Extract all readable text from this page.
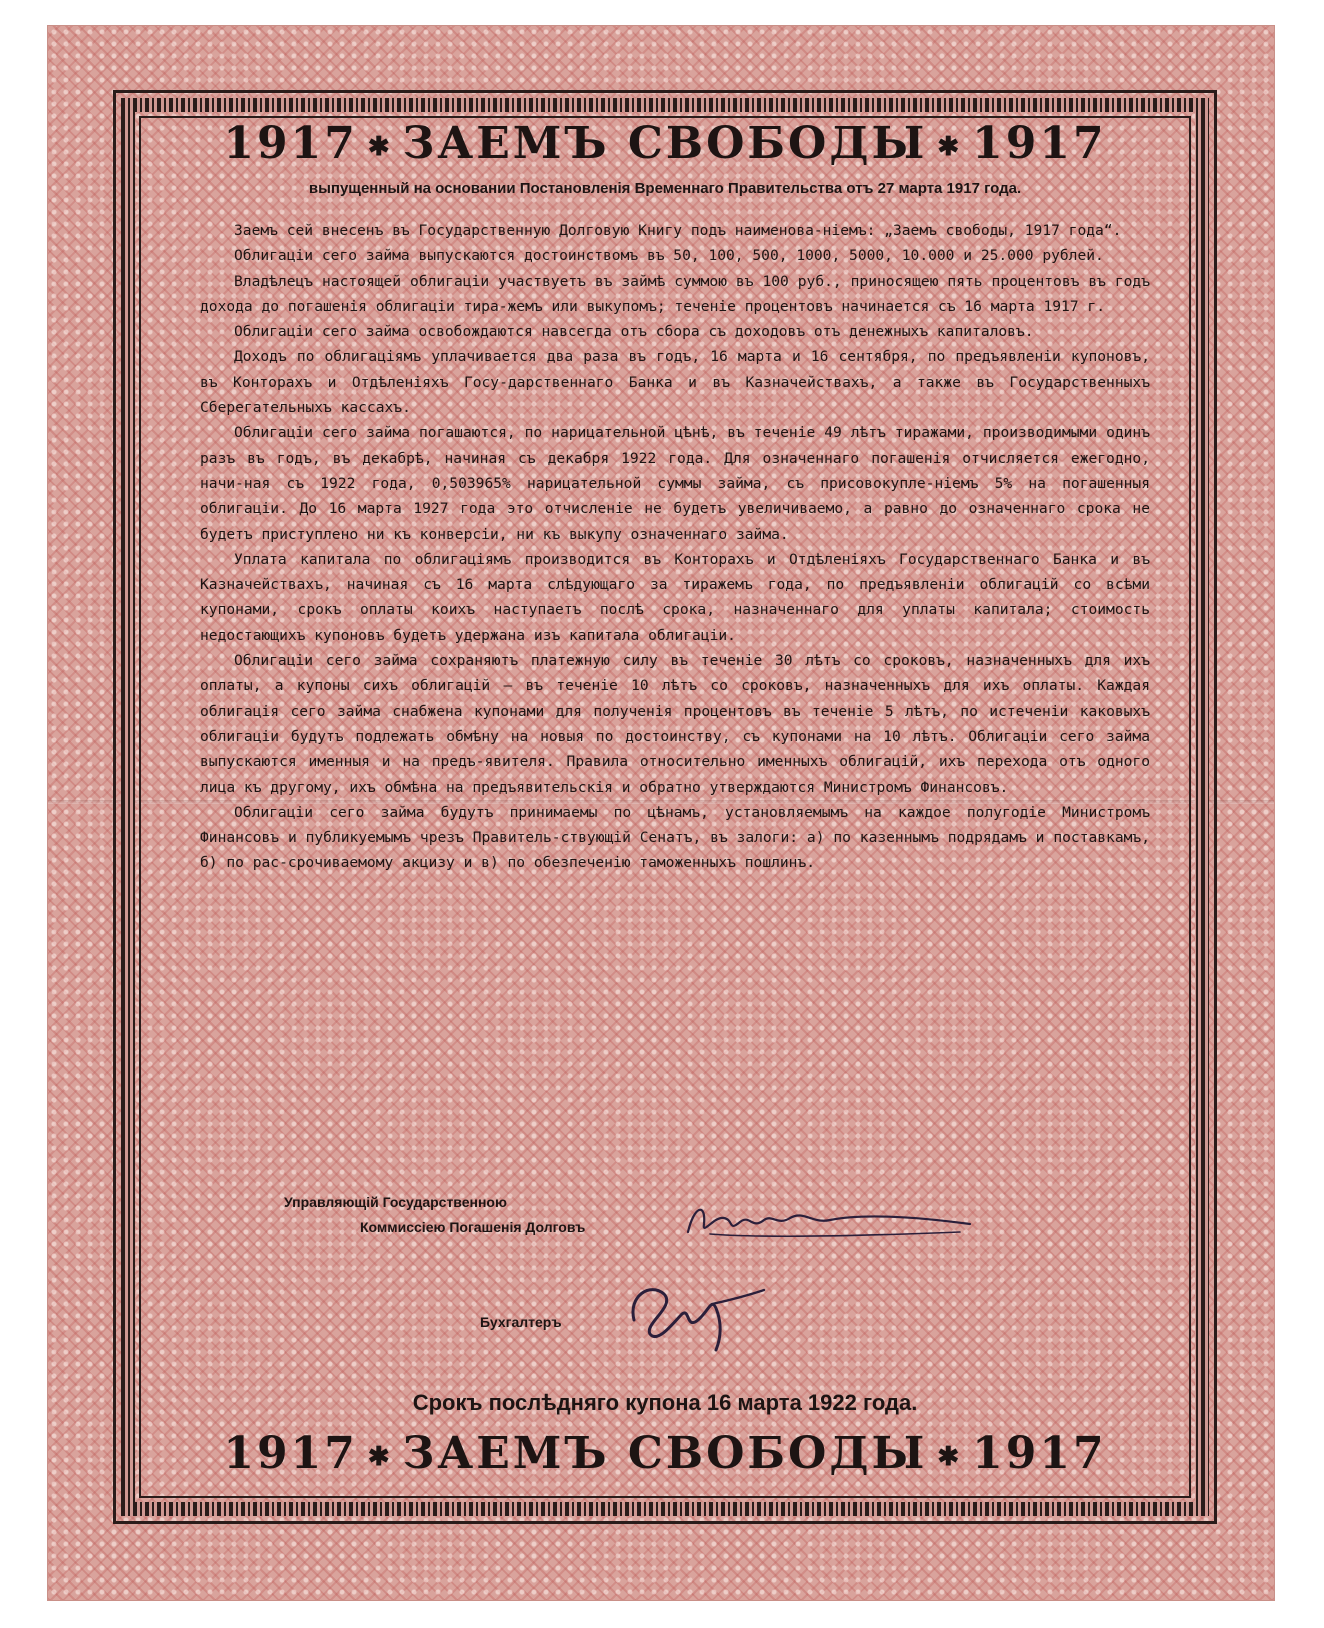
1917 ✱ ЗАЕМЪ СВОБОДЫ ✱ 1917
выпущенный на основании Постановленія Временнаго Правительства отъ 27 марта 1917 года.

Заемъ сей внесенъ въ Государственную Долговую Книгу подъ наименова-ніемъ: „Заемъ свободы, 1917 года“.

Облигаціи сего займа выпускаются достоинствомъ въ 50, 100, 500, 1000, 5000, 10.000 и 25.000 рублей.

Владѣлецъ настоящей облигаціи участвуетъ въ займѣ суммою въ 100 руб., приносящею пять процентовъ въ годъ дохода до погашенія облигаціи тира-жемъ или выкупомъ; теченіе процентовъ начинается съ 16 марта 1917 г.

Облигаціи сего займа освобождаются навсегда отъ сбора съ доходовъ отъ денежныхъ капиталовъ.

Доходъ по облигаціямъ уплачивается два раза въ годъ, 16 марта и 16 сентября, по предъявленіи купоновъ, въ Конторахъ и Отдѣленіяхъ Госу-дарственнаго Банка и въ Казначействахъ, а также въ Государственныхъ Сберегательныхъ кассахъ.

Облигаціи сего займа погашаются, по нарицательной цѣнѣ, въ теченіе 49 лѣтъ тиражами, производимыми одинъ разъ въ годъ, въ декабрѣ, начиная съ декабря 1922 года. Для означеннаго погашенія отчисляется ежегодно, начи-ная съ 1922 года, 0,503965% нарицательной суммы займа, съ присовокупле-ніемъ 5% на погашенныя облигаціи. До 16 марта 1927 года это отчисленіе не будетъ увеличиваемо, а равно до означеннаго срока не будетъ приступлено ни къ конверсіи, ни къ выкупу означеннаго займа.

Уплата капитала по облигаціямъ производится въ Конторахъ и Отдѣленіяхъ Государственнаго Банка и въ Казначействахъ, начиная съ 16 марта слѣдующаго за тиражемъ года, по предъявленіи облигацій со всѣми купонами, срокъ оплаты коихъ наступаетъ послѣ срока, назначеннаго для уплаты капитала; стоимость недостающихъ купоновъ будетъ удержана изъ капитала облигаціи.

Облигаціи сего займа сохраняютъ платежную силу въ теченіе 30 лѣтъ со сроковъ, назначенныхъ для ихъ оплаты, а купоны сихъ облигацій — въ теченіе 10 лѣтъ со сроковъ, назначенныхъ для ихъ оплаты. Каждая облигація сего займа снабжена купонами для полученія процентовъ въ теченіе 5 лѣтъ, по истеченіи каковыхъ облигаціи будутъ подлежать обмѣну на новыя по достоинству, съ купонами на 10 лѣтъ. Облигаціи сего займа выпускаются именныя и на предъ-явителя. Правила относительно именныхъ облигацій, ихъ перехода отъ одного лица къ другому, ихъ обмѣна на предъявительскія и обратно утверждаются Министромъ Финансовъ.

Облигаціи сего займа будутъ принимаемы по цѣнамъ, установляемымъ на каждое полугодіе Министромъ Финансовъ и публикуемымъ чрезъ Правитель-ствующій Сенатъ, въ залоги: а) по казеннымъ подрядамъ и поставкамъ, б) по рас-срочиваемому акцизу и в) по обезпеченію таможенныхъ пошлинъ.

Управляющій Государственною
Коммиссіею Погашенія Долговъ
Бухгалтеръ
Срокъ послѣдняго купона 16 марта 1922 года.
1917 ✱ ЗАЕМЪ СВОБОДЫ ✱ 1917
